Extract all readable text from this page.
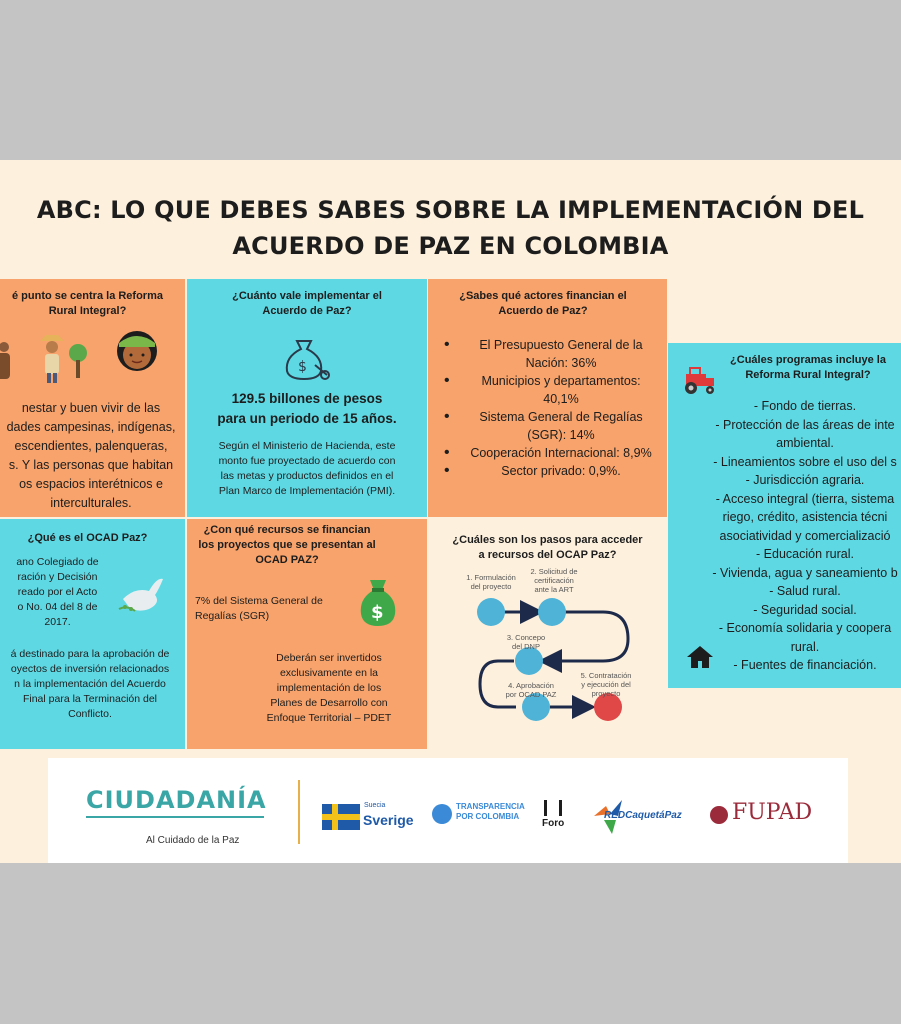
ABC: LO QUE DEBES SABES SOBRE LA IMPLEMENTACIÓN DEL
ACUERDO DE PAZ EN COLOMBIA
é punto se centra la Reforma
Rural Integral?
nestar y buen vivir de las
dades campesinas, indígenas,
escendientes, palenqueras,
s. Y las personas que habitan
os espacios interétnicos e
interculturales.
¿Cuánto vale implementar el
Acuerdo de Paz?
$
129.5 billones de pesos
para un periodo de 15 años.
Según el Ministerio de Hacienda, este
monto fue proyectado de acuerdo con
las metas y productos definidos en el
Plan Marco de Implementación (PMI).
¿Sabes qué actores financian el
Acuerdo de Paz?
• El Presupuesto General de la
Nación: 36%
• Municipios y departamentos:
40,1%
• Sistema General de Regalías
(SGR): 14%
• Cooperación Internacional: 8,9%
• Sector privado: 0,9%.
¿Cuáles programas incluye la
Reforma Rural Integral?
- Fondo de tierras.
- Protección de las áreas de inte
ambiental.
- Lineamientos sobre el uso del s
- Jurisdicción agraria.
- Acceso integral (tierra, sistema
riego, crédito, asistencia técni
asociatividad y comercializació
- Educación rural.
- Vivienda, agua y saneamiento b
- Salud rural.
- Seguridad social.
- Economía solidaria y coopera
rural.
- Fuentes de financiación.
¿Qué es el OCAD Paz?
ano Colegiado de
ración y Decisión
reado por el Acto
o No. 04 del 8 de
2017.
á destinado para la aprobación de
oyectos de inversión relacionados
n la implementación del Acuerdo
Final para la Terminación del
Conflicto.
¿Con qué recursos se financian
los proyectos que se presentan al
OCAD PAZ?
7% del Sistema General de
Regalías (SGR)	$
Deberán ser invertidos
exclusivamente en la
implementación de los
Planes de Desarrollo con
Enfoque Territorial – PDET
¿Cuáles son los pasos para acceder
a recursos del OCAP Paz?
1. Formulación
del proyecto
2. Solicitud de
certificación
ante la ART
3. Concepo
del DNP
4. Aprobación
por OCAD PAZ
5. Contratación
y ejecución del
proyecto
CIUDADANÍA
Al Cuidado de la Paz
Suecia
Sverige
TRANSPARENCIA
POR COLOMBIA
Foro
REDCaquetáPaz FUPAD
